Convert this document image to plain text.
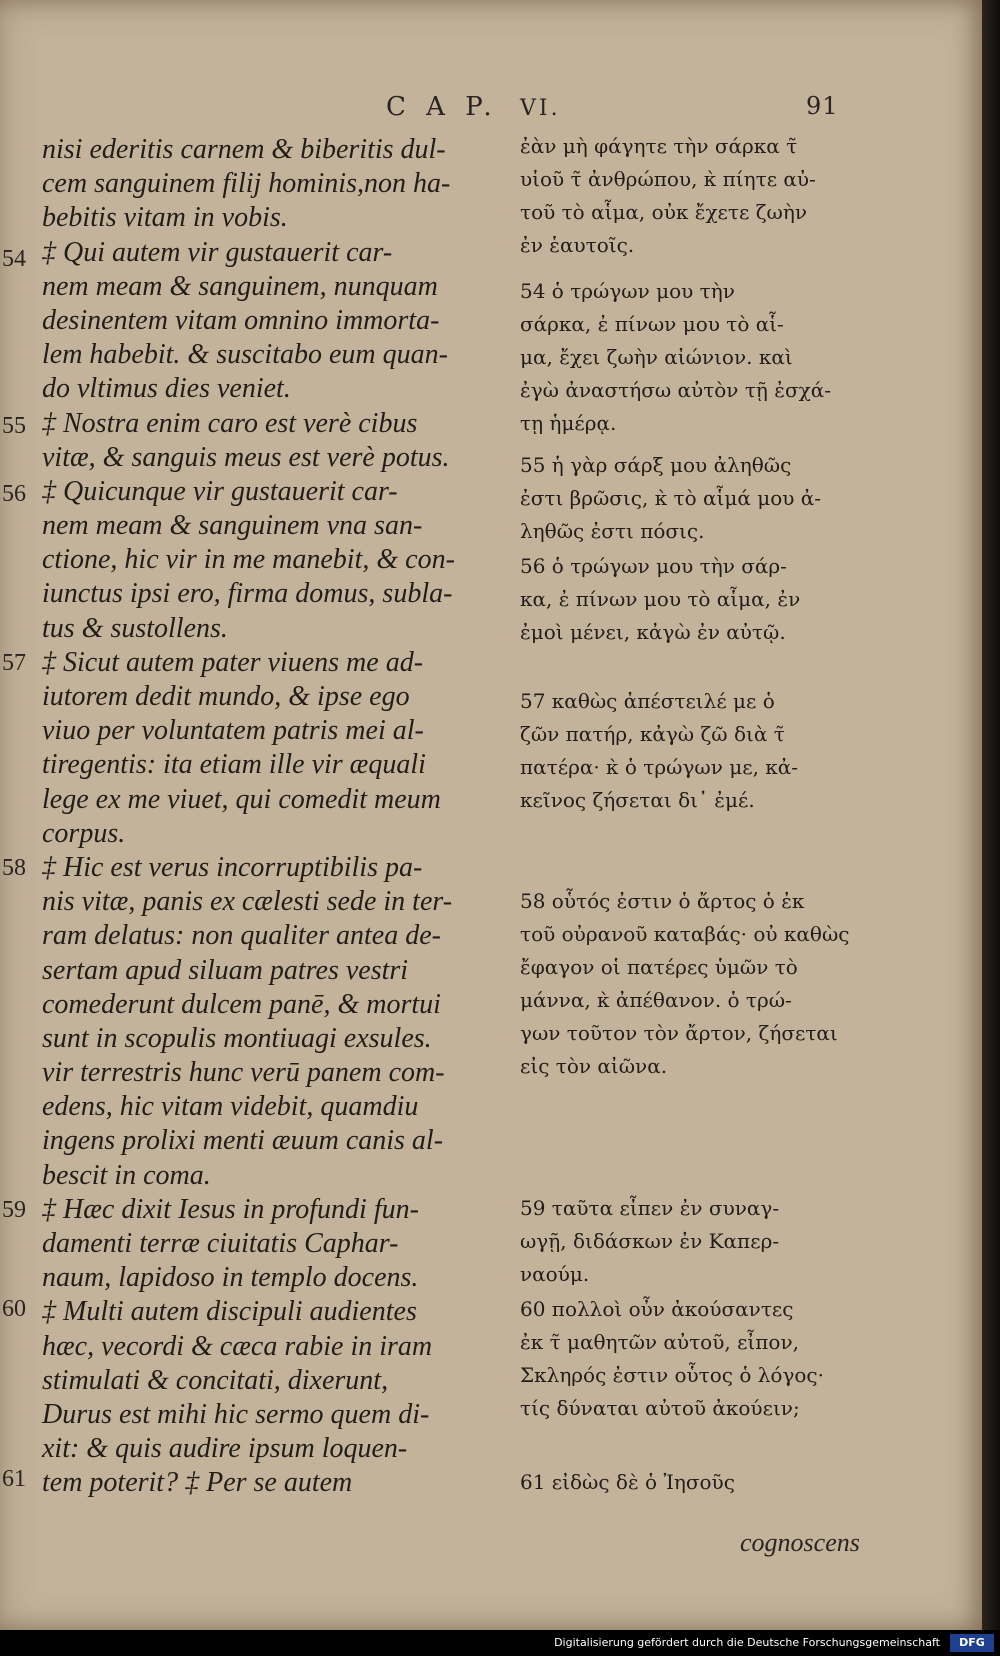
C A P. VI.	91
nisi ederitis carnem & biberitis dul-
cem sanguinem filij hominis,non ha-
bebitis vitam in vobis.
‡ Qui autem vir gustauerit car-
nem meam & sanguinem, nunquam
desinentem vitam omnino immorta-
lem habebit. & suscitabo eum quan-
do vltimus dies veniet.
‡ Nostra enim caro est verè cibus
vitæ, & sanguis meus est verè potus.
‡ Quicunque vir gustauerit car-
nem meam & sanguinem vna san-
ctione, hic vir in me manebit, & con-
iunctus ipsi ero, firma domus, subla-
tus & sustollens.
‡ Sicut autem pater viuens me ad-
iutorem dedit mundo, & ipse ego
viuo per voluntatem patris mei al-
tiregentis: ita etiam ille vir æquali
lege ex me viuet, qui comedit meum
corpus.
‡ Hic est verus incorruptibilis pa-
nis vitæ, panis ex cælesti sede in ter-
ram delatus: non qualiter antea de-
sertam apud siluam patres vestri
comederunt dulcem panē, & mortui
sunt in scopulis montiuagi exsules.
vir terrestris hunc verū panem com-
edens, hic vitam videbit, quamdiu
ingens prolixi menti æuum canis al-
bescit in coma.
‡ Hæc dixit Iesus in profundi fun-
damenti terræ ciuitatis Caphar-
naum, lapidoso in templo docens.
‡ Multi autem discipuli audientes
hæc, vecordi & cæca rabie in iram
stimulati & concitati, dixerunt,
Durus est mihi hic sermo quem di-
xit: & quis audire ipsum loquen-
tem poterit? ‡ Per se autem
54
55
56
57
58
59
60
61
ἐὰν μὴ φάγητε τὴν σάρκα τ̃
υἱοῦ τ̃ ἀνθρώπου, κ̀ πίητε αὐ-
τοῦ τὸ αἷμα, οὐκ ἔχετε ζωὴν
ἐν ἑαυτοῖς.
54 ὁ τρώγων μου τὴν
σάρκα, ἐ πίνων μου τὸ αἷ-
μα, ἔχει ζωὴν αἰώνιον. καὶ
ἐγὼ ἀναστήσω αὐτὸν τῇ ἐσχά-
τῃ ἡμέρᾳ.
55 ἡ γὰρ σάρξ μου ἀληθῶς
ἐστι βρῶσις, κ̀ τὸ αἷμά μου ἀ-
ληθῶς ἐστι πόσις.
56 ὁ τρώγων μου τὴν σάρ-
κα, ἐ πίνων μου τὸ αἷμα, ἐν
ἐμοὶ μένει, κἀγὼ ἐν αὐτῷ.
57 καθὼς ἀπέστειλέ με ὁ
ζῶν πατήρ, κἀγὼ ζῶ διὰ τ̃
πατέρα· κ̀ ὁ τρώγων με, κἀ-
κεῖνος ζήσεται δι᾽ ἐμέ.
58 οὗτός ἐστιν ὁ ἄρτος ὁ ἐκ
τοῦ οὐρανοῦ καταβάς· οὐ καθὼς
ἔφαγον οἱ πατέρες ὑμῶν τὸ
μάννα, κ̀ ἀπέθανον. ὁ τρώ-
γων τοῦτον τὸν ἄρτον, ζήσεται
εἰς τὸν αἰῶνα.
59 ταῦτα εἶπεν ἐν συναγ-
ωγῇ, διδάσκων ἐν Καπερ-
ναούμ.
60 πολλοὶ οὖν ἀκούσαντες
ἐκ τ̃ μαθητῶν αὐτοῦ, εἶπον,
Σκληρός ἐστιν οὗτος ὁ λόγος·
τίς δύναται αὐτοῦ ἀκούειν;
61 εἰδὼς δὲ ὁ Ἰησοῦς
cognoscens
Digitalisierung gefördert durch die Deutsche Forschungsgemeinschaft	DFG
